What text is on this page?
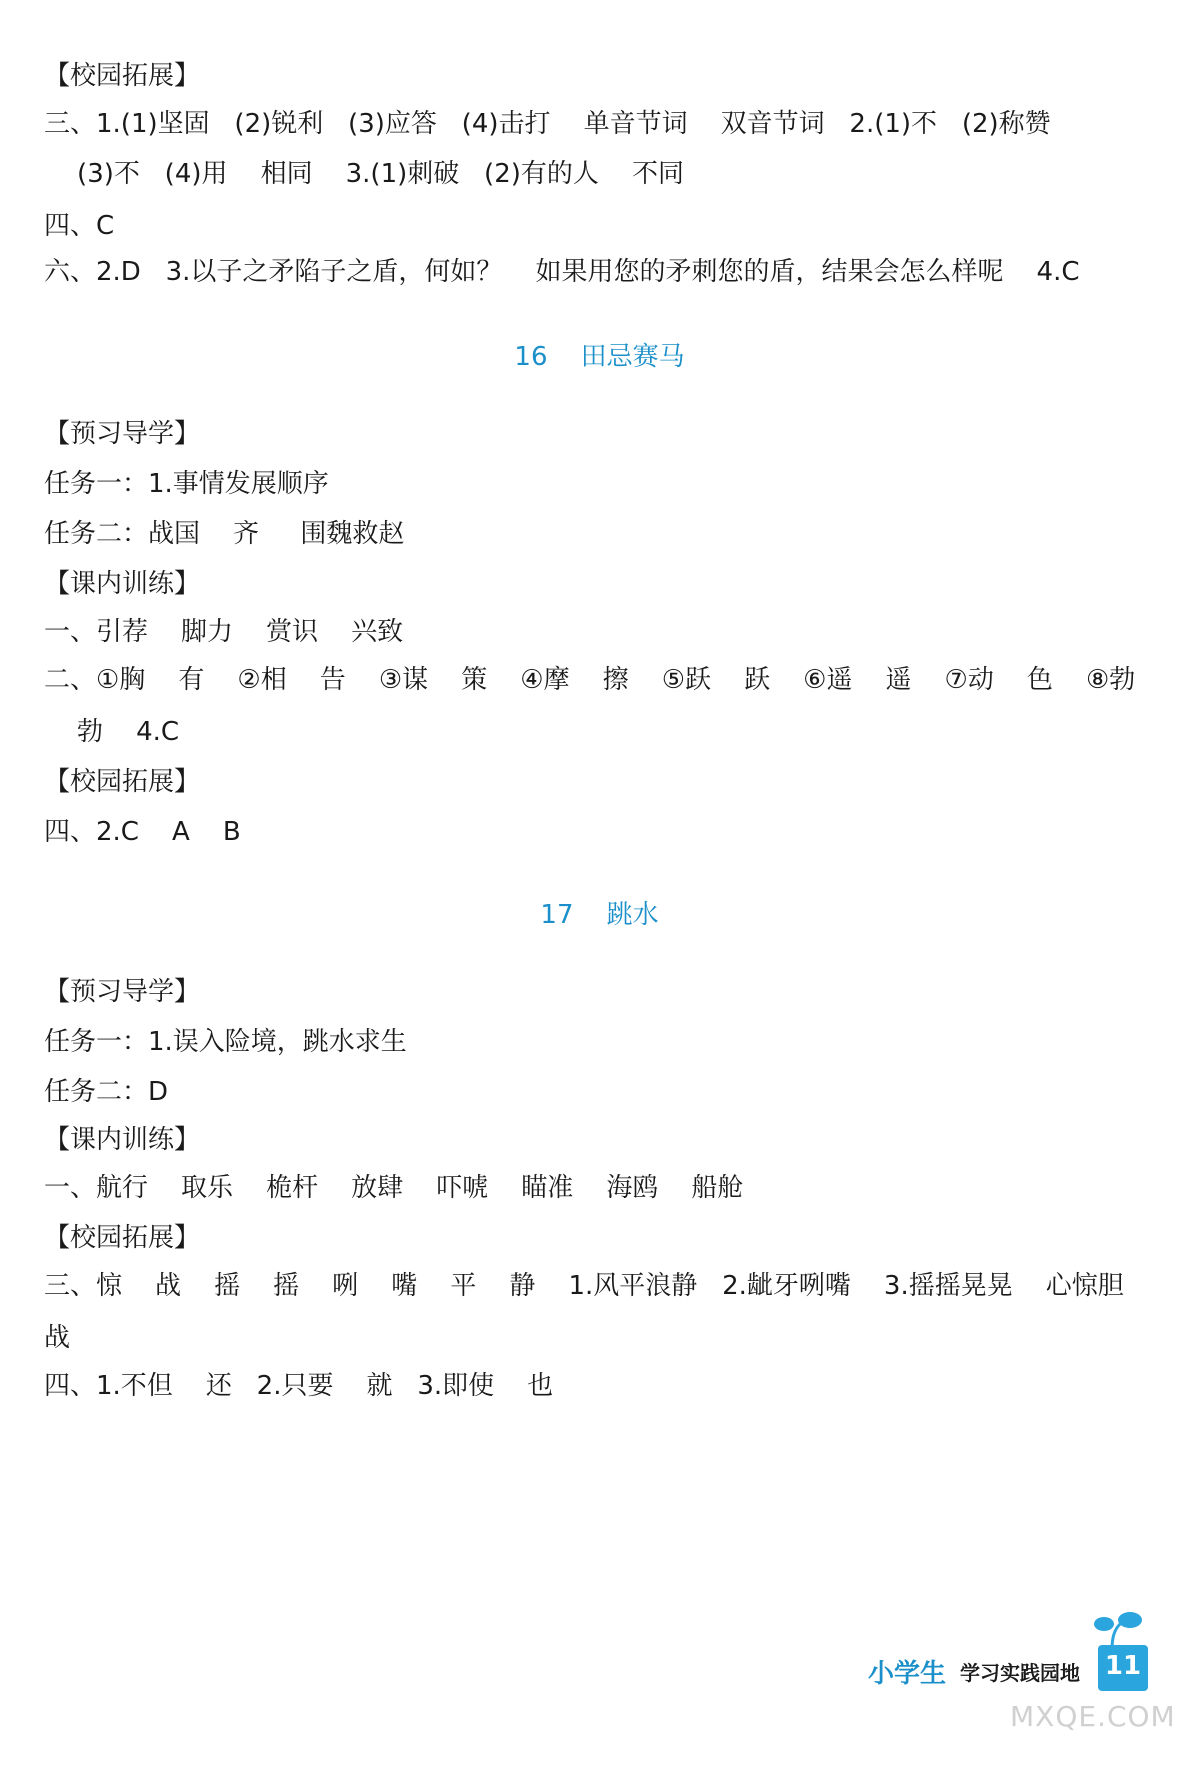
【校园拓展】
三、1.(1)坚固   (2)锐利   (3)应答   (4)击打    单音节词    双音节词   2.(1)不   (2)称赞
(3)不   (4)用    相同    3.(1)刺破   (2)有的人    不同
四、C
六、2.D   3.以子之矛陷子之盾，何如？    如果用您的矛刺您的盾，结果会怎么样呢    4.C
16    田忌赛马
【预习导学】
任务一：1.事情发展顺序
任务二：战国    齐     围魏救赵
【课内训练】
一、引荐    脚力    赏识    兴致
二、①胸    有    ②相    告    ③谋    策    ④摩    擦    ⑤跃    跃    ⑥遥    遥    ⑦动    色    ⑧勃
勃    4.C
【校园拓展】
四、2.C    A    B
17    跳水
【预习导学】
任务一：1.误入险境，跳水求生
任务二：D
【课内训练】
一、航行    取乐    桅杆    放肆    吓唬    瞄准    海鸥    船舱
【校园拓展】
三、惊    战    摇    摇    咧    嘴    平    静    1.风平浪静   2.龇牙咧嘴    3.摇摇晃晃    心惊胆
战
四、1.不但    还   2.只要    就   3.即使    也
小学生 学习实践园地 11
MXQE.COM
